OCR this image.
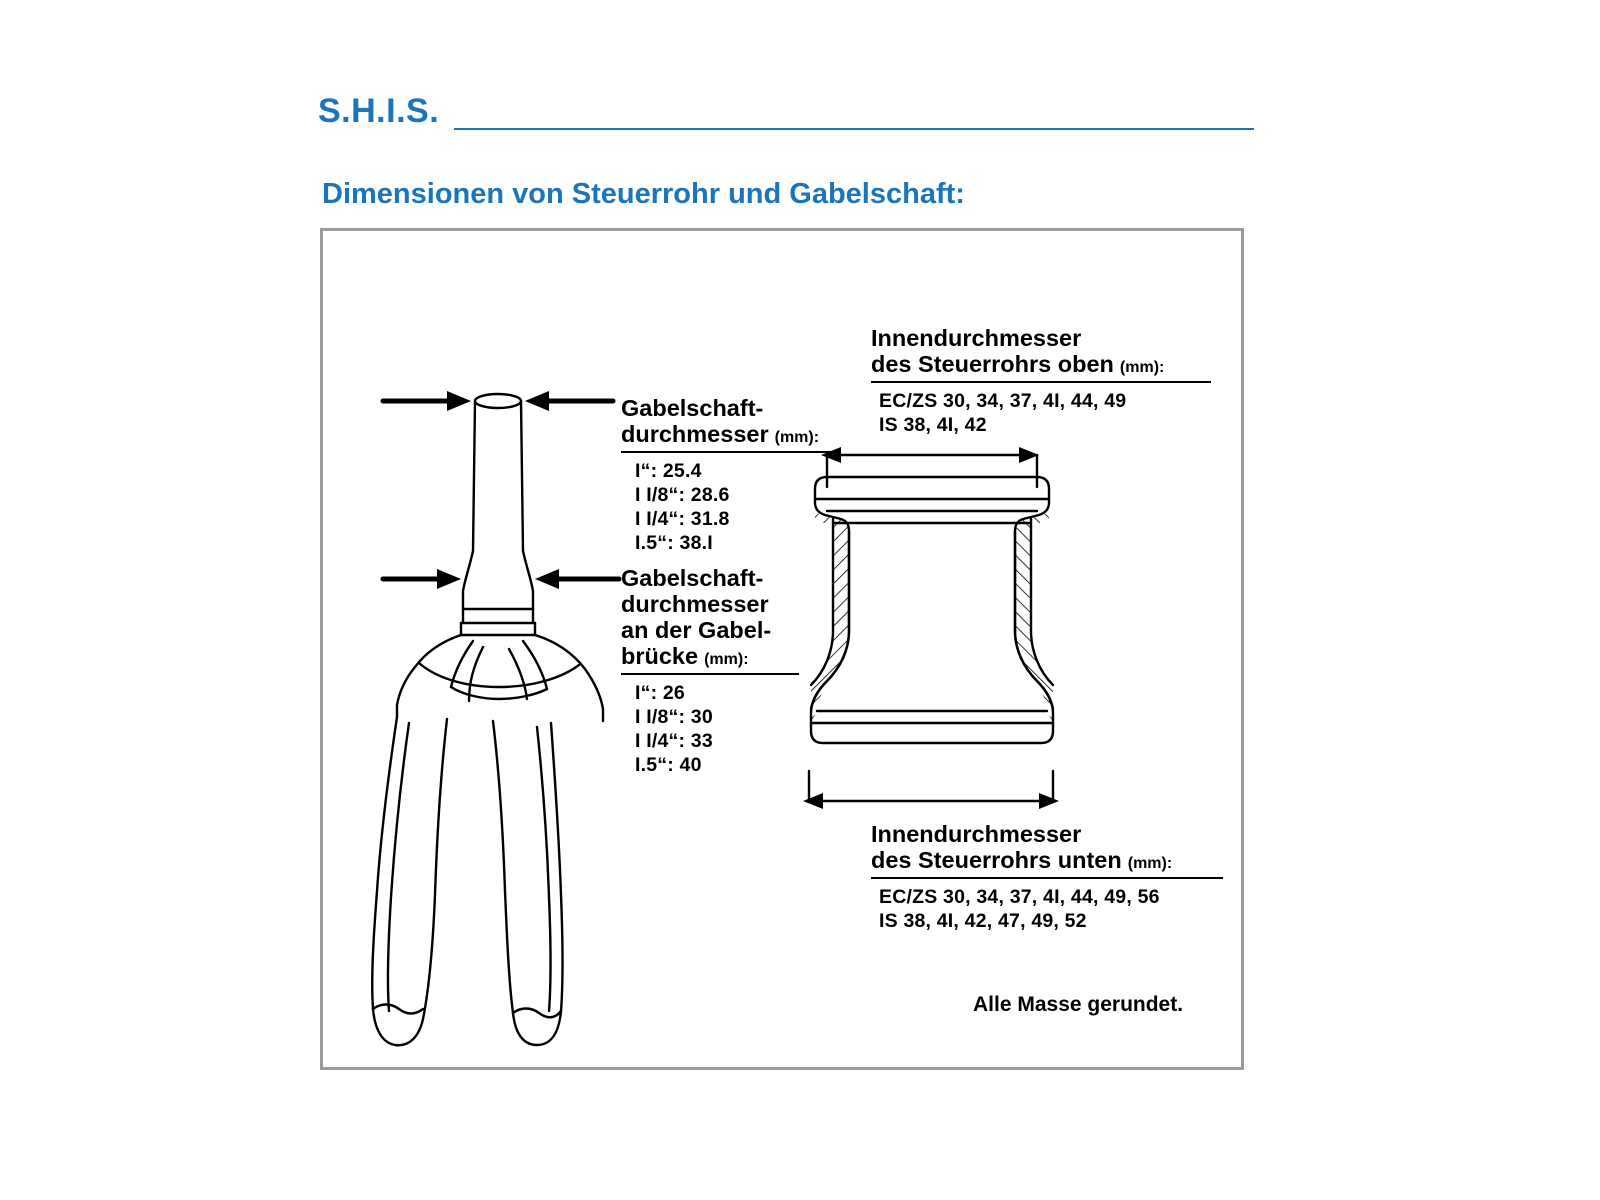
S.H.I.S.
Dimensionen von Steuerrohr und Gabelschaft:
Gabelschaft-
durchmesser (mm):
I“: 25.4
I I/8“: 28.6
I I/4“: 31.8
I.5“: 38.I
Gabelschaft-
durchmesser
an der Gabel-
brücke (mm):
I“: 26
I I/8“: 30
I I/4“: 33
I.5“: 40
Innendurchmesser
des Steuerrohrs oben (mm):
EC/ZS 30, 34, 37, 4I, 44, 49
IS 38, 4I, 42
Innendurchmesser
des Steuerrohrs unten (mm):
EC/ZS 30, 34, 37, 4I, 44, 49, 56
IS 38, 4I, 42, 47, 49, 52
Alle Masse gerundet.
